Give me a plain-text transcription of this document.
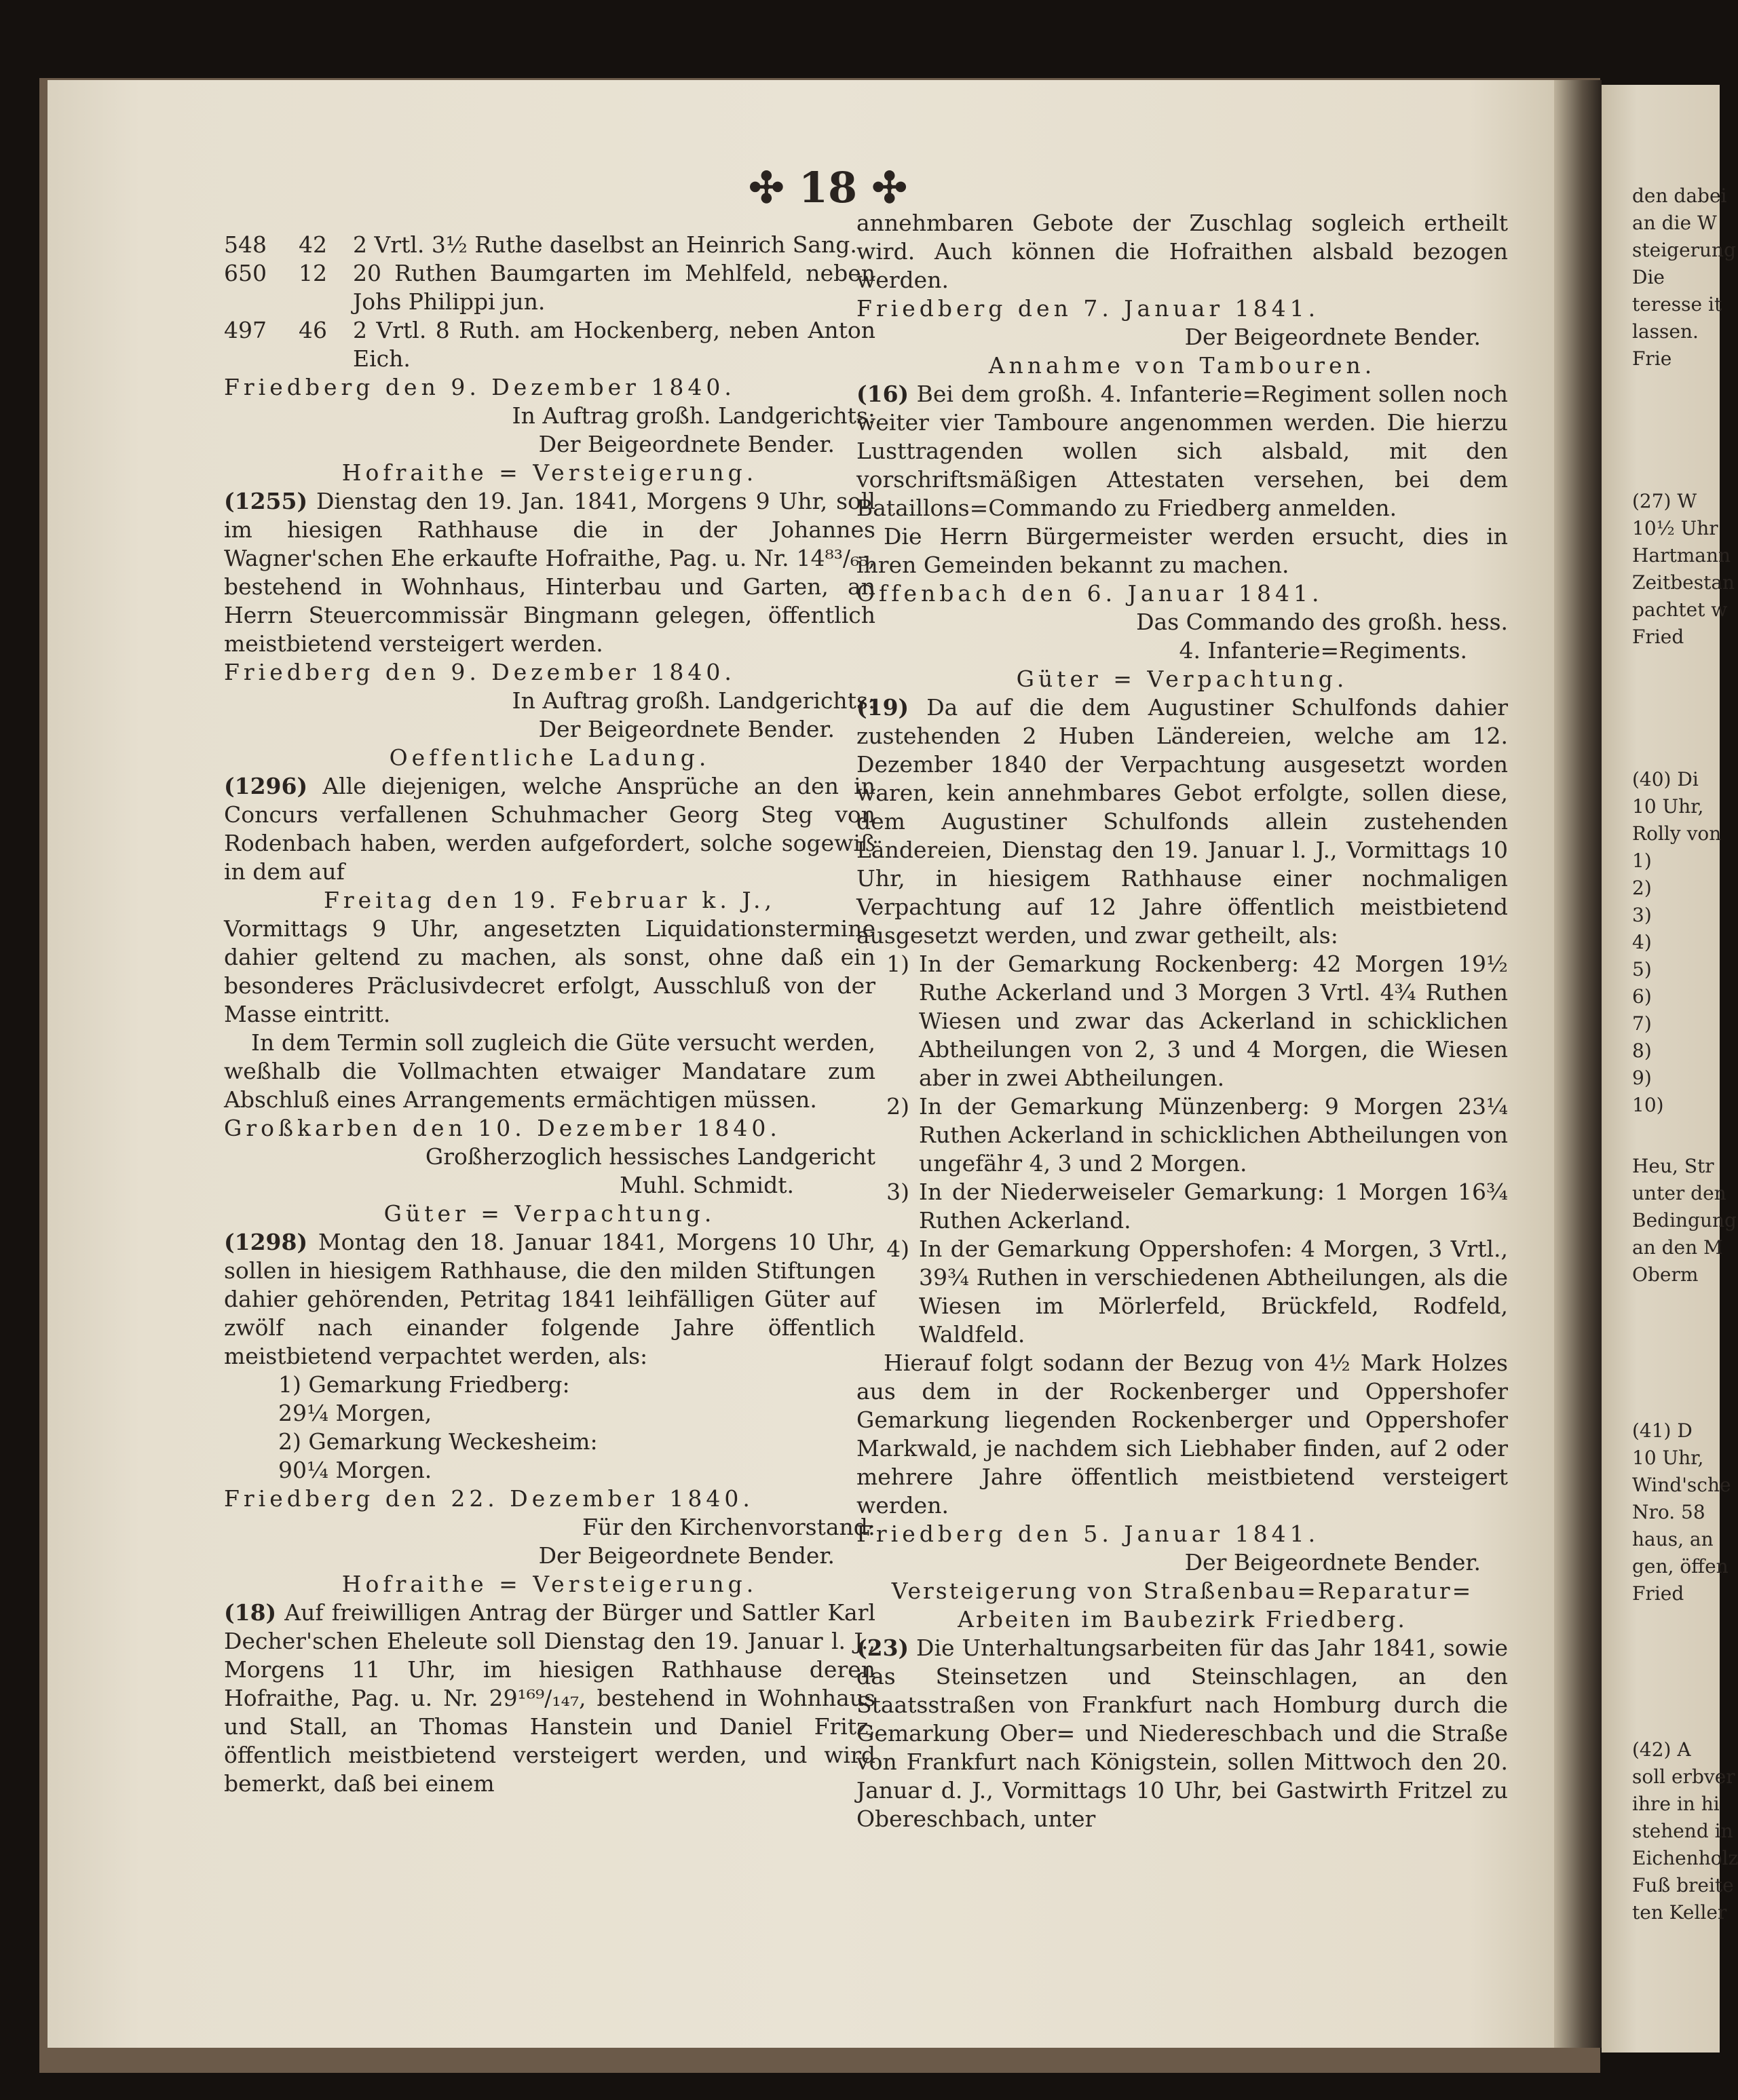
✣ 18 ✣
548	42	2 Vrtl. 3½ Ruthe daselbst an Heinrich Sang.
650	12	20 Ruthen Baumgarten im Mehlfeld, neben Johs Philippi jun.
497	46	2 Vrtl. 8 Ruth. am Hockenberg, neben Anton Eich.

Friedberg den 9. Dezember 1840.

In Auftrag großh. Landgerichts:

Der Beigeordnete Bender.

Hofraithe = Versteigerung.

(1255) Dienstag den 19. Jan. 1841, Morgens 9 Uhr, soll im hiesigen Rathhause die in der Johannes Wagner'schen Ehe erkaufte Hofraithe, Pag. u. Nr. 14⁸³/₆₅, bestehend in Wohnhaus, Hinterbau und Garten, an Herrn Steuercommissär Bingmann gelegen, öffentlich meistbietend versteigert werden.

Friedberg den 9. Dezember 1840.

In Auftrag großh. Landgerichts:

Der Beigeordnete Bender.

Oeffentliche Ladung.

(1296) Alle diejenigen, welche Ansprüche an den in Concurs verfallenen Schuhmacher Georg Steg von Rodenbach haben, werden aufgefordert, solche sogewiß in dem auf

Freitag den 19. Februar k. J.,

Vormittags 9 Uhr, angesetzten Liquidationstermine dahier geltend zu machen, als sonst, ohne daß ein besonderes Präclusivdecret erfolgt, Ausschluß von der Masse eintritt.

In dem Termin soll zugleich die Güte versucht werden, weßhalb die Vollmachten etwaiger Mandatare zum Abschluß eines Arrangements ermächtigen müssen.

Großkarben den 10. Dezember 1840.

Großherzoglich hessisches Landgericht

Muhl. Schmidt.

Güter = Verpachtung.

(1298) Montag den 18. Januar 1841, Morgens 10 Uhr, sollen in hiesigem Rathhause, die den milden Stiftungen dahier gehörenden, Petritag 1841 leihfälligen Güter auf zwölf nach einander folgende Jahre öffentlich meistbietend verpachtet werden, als:

1) Gemarkung Friedberg:

29¼ Morgen,

2) Gemarkung Weckesheim:

90¼ Morgen.

Friedberg den 22. Dezember 1840.

Für den Kirchenvorstand:

Der Beigeordnete Bender.

Hofraithe = Versteigerung.

(18) Auf freiwilligen Antrag der Bürger und Sattler Karl Decher'schen Eheleute soll Dienstag den 19. Januar l. J., Morgens 11 Uhr, im hiesigen Rathhause deren Hofraithe, Pag. u. Nr. 29¹⁶⁹/₁₄₇, bestehend in Wohnhaus und Stall, an Thomas Hanstein und Daniel Fritz, öffentlich meistbietend versteigert werden, und wird bemerkt, daß bei einem

annehmbaren Gebote der Zuschlag sogleich ertheilt wird. Auch können die Hofraithen alsbald bezogen werden.

Friedberg den 7. Januar 1841.

Der Beigeordnete Bender.

Annahme von Tambouren.

(16) Bei dem großh. 4. Infanterie=Regiment sollen noch weiter vier Tamboure angenommen werden. Die hierzu Lusttragenden wollen sich alsbald, mit den vorschriftsmäßigen Attestaten versehen, bei dem Bataillons=Commando zu Friedberg anmelden.

Die Herrn Bürgermeister werden ersucht, dies in ihren Gemeinden bekannt zu machen.

Offenbach den 6. Januar 1841.

Das Commando des großh. hess.

4. Infanterie=Regiments.

Güter = Verpachtung.

(19) Da auf die dem Augustiner Schulfonds dahier zustehenden 2 Huben Ländereien, welche am 12. Dezember 1840 der Verpachtung ausgesetzt worden waren, kein annehmbares Gebot erfolgte, sollen diese, dem Augustiner Schulfonds allein zustehenden Ländereien, Dienstag den 19. Januar l. J., Vormittags 10 Uhr, in hiesigem Rathhause einer nochmaligen Verpachtung auf 12 Jahre öffentlich meistbietend ausgesetzt werden, und zwar getheilt, als:

1) In der Gemarkung Rockenberg: 42 Morgen 19½ Ruthe Ackerland und 3 Morgen 3 Vrtl. 4¾ Ruthen Wiesen und zwar das Ackerland in schicklichen Abtheilungen von 2, 3 und 4 Morgen, die Wiesen aber in zwei Abtheilungen.
2) In der Gemarkung Münzenberg: 9 Morgen 23¼ Ruthen Ackerland in schicklichen Abtheilungen von ungefähr 4, 3 und 2 Morgen.
3) In der Niederweiseler Gemarkung: 1 Morgen 16¾ Ruthen Ackerland.
4) In der Gemarkung Oppershofen: 4 Morgen, 3 Vrtl., 39¾ Ruthen in verschiedenen Abtheilungen, als die Wiesen im Mörlerfeld, Brückfeld, Rodfeld, Waldfeld.

Hierauf folgt sodann der Bezug von 4½ Mark Holzes aus dem in der Rockenberger und Oppershofer Gemarkung liegenden Rockenberger und Oppershofer Markwald, je nachdem sich Liebhaber finden, auf 2 oder mehrere Jahre öffentlich meistbietend versteigert werden.

Friedberg den 5. Januar 1841.

Der Beigeordnete Bender.

Versteigerung von Straßenbau=Reparatur=

Arbeiten im Baubezirk Friedberg.

(23) Die Unterhaltungsarbeiten für das Jahr 1841, sowie das Steinsetzen und Steinschlagen, an den Staatsstraßen von Frankfurt nach Homburg durch die Gemarkung Ober= und Niedereschbach und die Straße von Frankfurt nach Königstein, sollen Mittwoch den 20. Januar d. J., Vormittags 10 Uhr, bei Gastwirth Fritzel zu Obereschbach, unter

den dabei
an die W
steigerung
Die
teresse it
lassen.
Frie
(27) W
10½ Uhr
Hartmann
Zeitbestan
pachtet w
Fried
(40) Di
10 Uhr,
Rolly von
1)
2)
3)
4)
5)
6)
7)
8)
9)
10)
Heu, Str
unter den
Bedingung
an den M
Oberm
(41) D
10 Uhr,
Wind'sche
Nro. 58
haus, an
gen, öffen
Fried
(42) A
soll erbver
ihre in hi
stehend in
Eichenholz
Fuß breite
ten Keller
